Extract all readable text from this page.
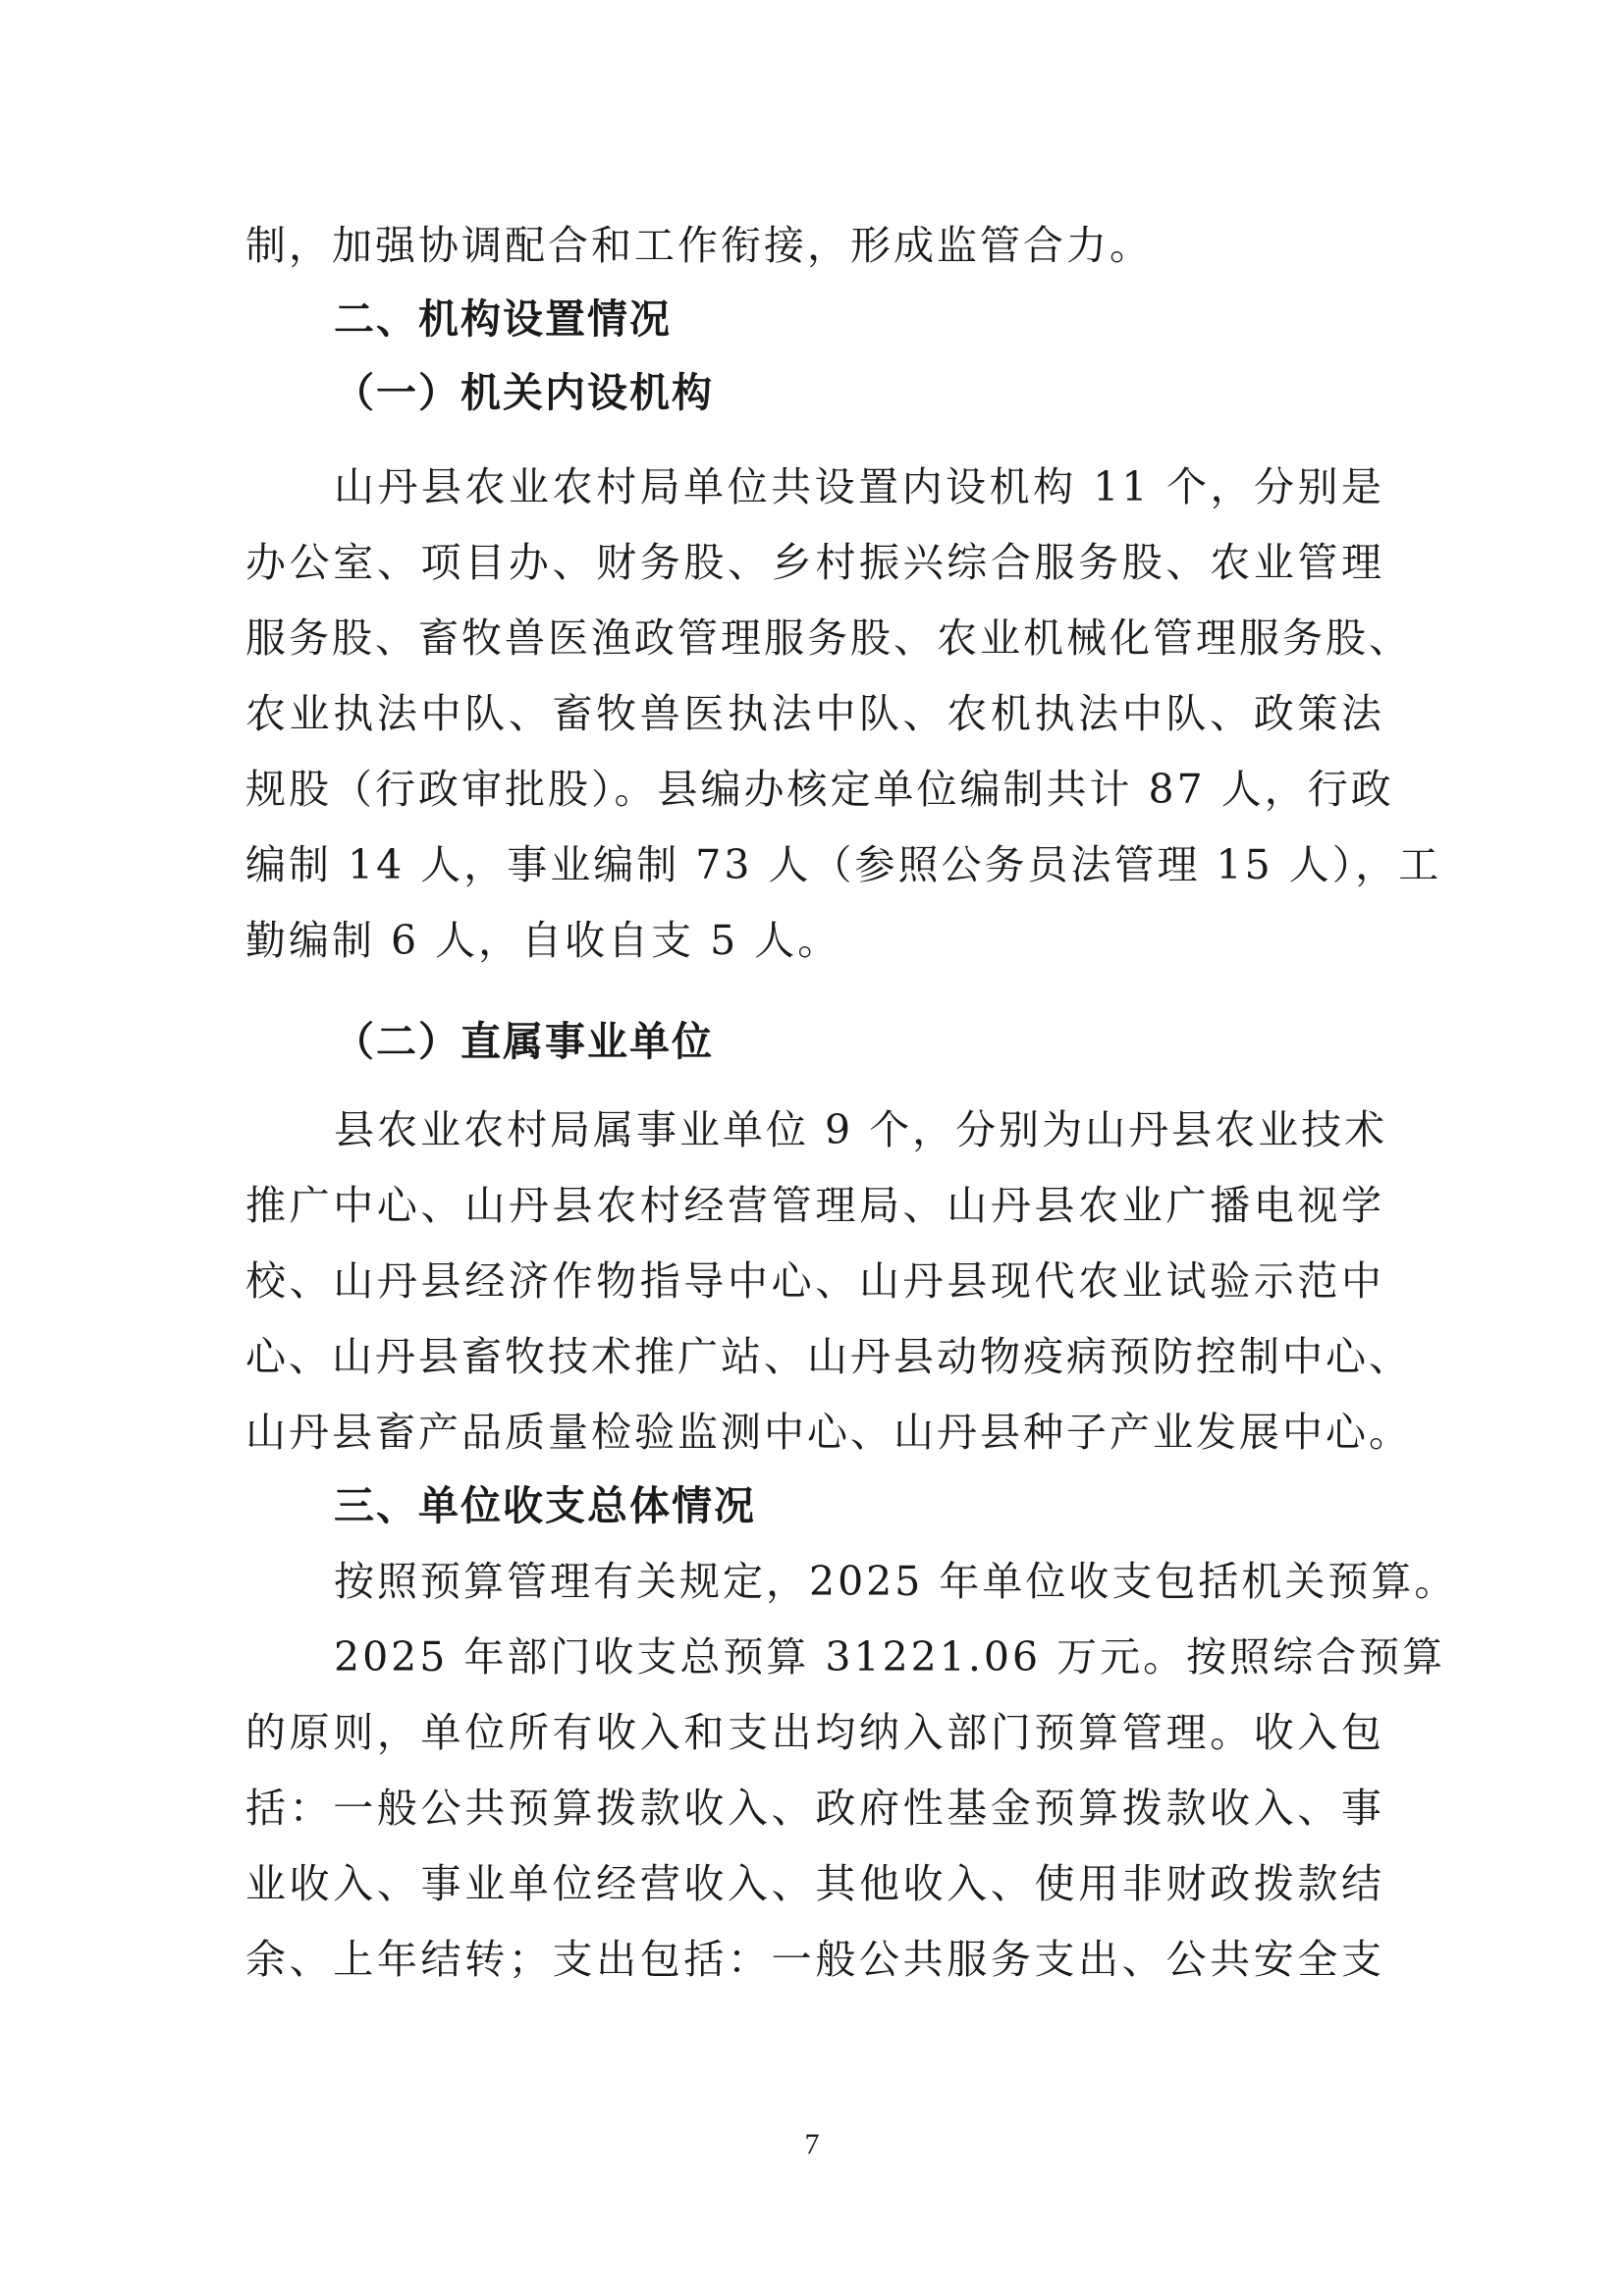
制，加强协调配合和工作衔接，形成监管合力。
二、机构设置情况
（一）机关内设机构
山丹县农业农村局单位共设置内设机构 11 个，分别是
办公室、项目办、财务股、乡村振兴综合服务股、农业管理
服务股、畜牧兽医渔政管理服务股、农业机械化管理服务股、
农业执法中队、畜牧兽医执法中队、农机执法中队、政策法
规股（行政审批股）。县编办核定单位编制共计 87 人，行政
编制 14 人，事业编制 73 人（参照公务员法管理 15 人），工
勤编制 6 人，自收自支 5 人。
（二）直属事业单位
县农业农村局属事业单位 9 个，分别为山丹县农业技术
推广中心、山丹县农村经营管理局、山丹县农业广播电视学
校、山丹县经济作物指导中心、山丹县现代农业试验示范中
心、山丹县畜牧技术推广站、山丹县动物疫病预防控制中心、
山丹县畜产品质量检验监测中心、山丹县种子产业发展中心。
三、单位收支总体情况
按照预算管理有关规定，2025 年单位收支包括机关预算。
2025 年部门收支总预算 31221.06 万元。按照综合预算
的原则，单位所有收入和支出均纳入部门预算管理。收入包
括：一般公共预算拨款收入、政府性基金预算拨款收入、事
业收入、事业单位经营收入、其他收入、使用非财政拨款结
余、上年结转；支出包括：一般公共服务支出、公共安全支
7
